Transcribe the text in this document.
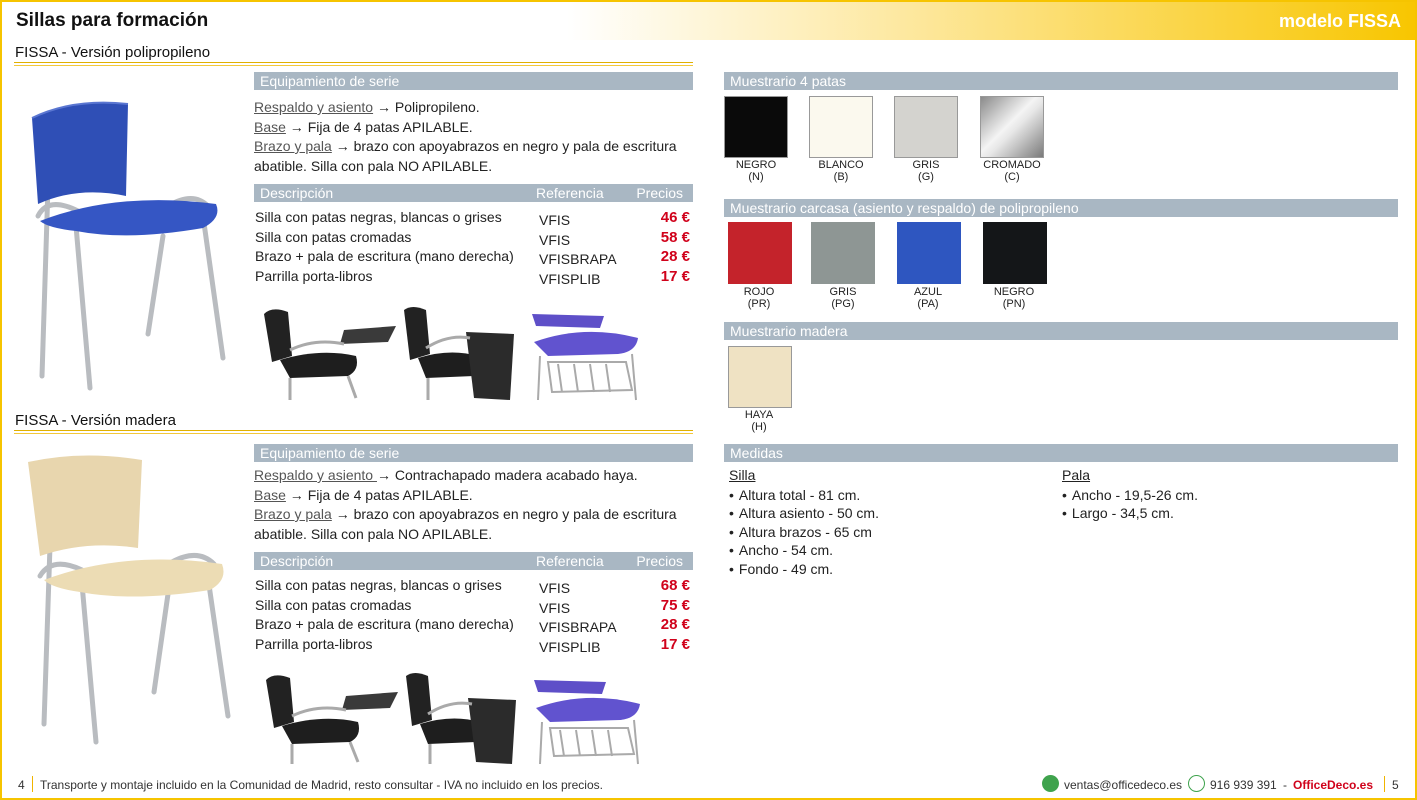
Sillas para formación	modelo FISSA
FISSA - Versión polipropileno
Equipamiento de serie
Respaldo y asiento → Polipropileno.
Base → Fija de 4 patas APILABLE.
Brazo y pala → brazo con apoyabrazos en negro y pala de escritura abatible. Silla con pala NO APILABLE.
Descripción	Referencia Precios
Silla con patas negras, blancas o grises	VFIS	46 €
Silla con patas cromadas	VFIS	58 €
Brazo + pala de escritura (mano derecha) VFISBRAPA	28 €
Parrilla porta-libros	VFISPLIB	17 €
FISSA - Versión madera
Equipamiento de serie
Respaldo y asiento → Contrachapado madera acabado haya.
Base → Fija de 4 patas APILABLE.
Brazo y pala → brazo con apoyabrazos en negro y pala de escritura abatible. Silla con pala NO APILABLE.
Descripción	Referencia Precios
Silla con patas negras, blancas o grises	VFIS	68 €
Silla con patas cromadas	VFIS	75 €
Brazo + pala de escritura (mano derecha) VFISBRAPA	28 €
Parrilla porta-libros	VFISPLIB	17 €
Muestrario 4 patas
NEGRO
(N)
BLANCO
(B)
GRIS
(G)
CROMADO
(C)
Muestrario carcasa (asiento y respaldo) de polipropileno
ROJO
(PR)
GRIS
(PG)
AZUL
(PA)
NEGRO
(PN)
Muestrario madera
HAYA
(H)
Medidas
Silla
• Altura total - 81 cm.
• Altura asiento - 50 cm.
• Altura brazos - 65 cm
• Ancho - 54 cm.
• Fondo - 49 cm.
Pala
• Ancho - 19,5-26 cm.
• Largo - 34,5 cm.
4 Transporte y montaje incluido en la Comunidad de Madrid, resto consultar - IVA no incluido en los precios.	ventas@officedeco.es 916 939 391 - OfficeDeco.es 5
